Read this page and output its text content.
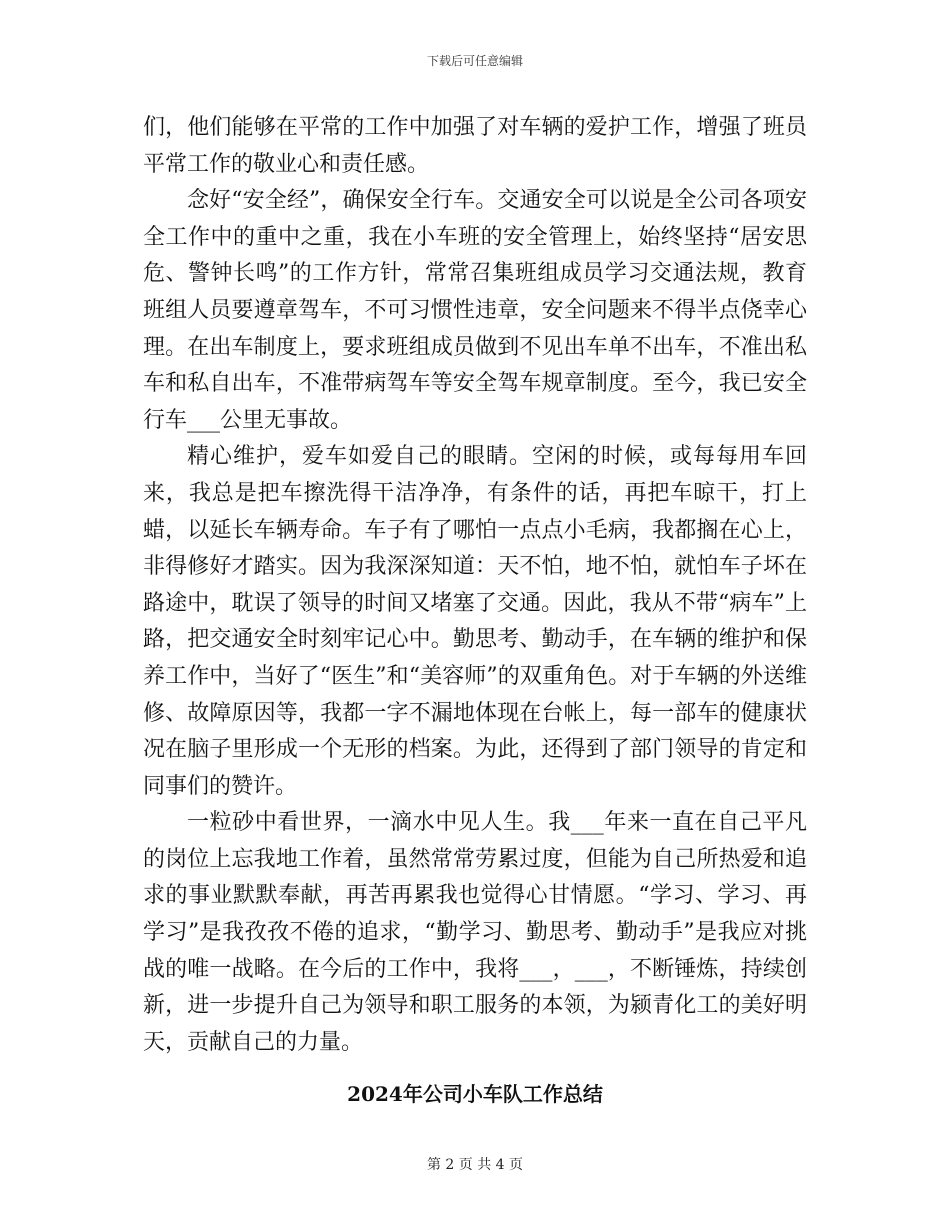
下载后可任意编辑

们，他们能够在平常的工作中加强了对车辆的爱护工作，增强了班员平常工作的敬业心和责任感。

念好“安全经”，确保安全行车。交通安全可以说是全公司各项安全工作中的重中之重，我在小车班的安全管理上，始终坚持“居安思危、警钟长鸣”的工作方针，常常召集班组成员学习交通法规，教育班组人员要遵章驾车，不可习惯性违章，安全问题来不得半点侥幸心理。在出车制度上，要求班组成员做到不见出车单不出车，不准出私车和私自出车，不准带病驾车等安全驾车规章制度。至今，我已安全行车___公里无事故。

精心维护，爱车如爱自己的眼睛。空闲的时候，或每每用车回来，我总是把车擦洗得干洁净净，有条件的话，再把车晾干，打上蜡，以延长车辆寿命。车子有了哪怕一点点小毛病，我都搁在心上，非得修好才踏实。因为我深深知道：天不怕，地不怕，就怕车子坏在路途中，耽误了领导的时间又堵塞了交通。因此，我从不带“病车”上路，把交通安全时刻牢记心中。勤思考、勤动手，在车辆的维护和保养工作中，当好了“医生”和“美容师”的双重角色。对于车辆的外送维修、故障原因等，我都一字不漏地体现在台帐上，每一部车的健康状况在脑子里形成一个无形的档案。为此，还得到了部门领导的肯定和同事们的赞许。

一粒砂中看世界，一滴水中见人生。我___年来一直在自己平凡的岗位上忘我地工作着，虽然常常劳累过度，但能为自己所热爱和追求的事业默默奉献，再苦再累我也觉得心甘情愿。“学习、学习、再学习”是我孜孜不倦的追求，“勤学习、勤思考、勤动手”是我应对挑战的唯一战略。在今后的工作中，我将___，___，不断锤炼，持续创新，进一步提升自己为领导和职工服务的本领，为颍青化工的美好明天，贡献自己的力量。

2024年公司小车队工作总结
第 2 页 共 4 页
